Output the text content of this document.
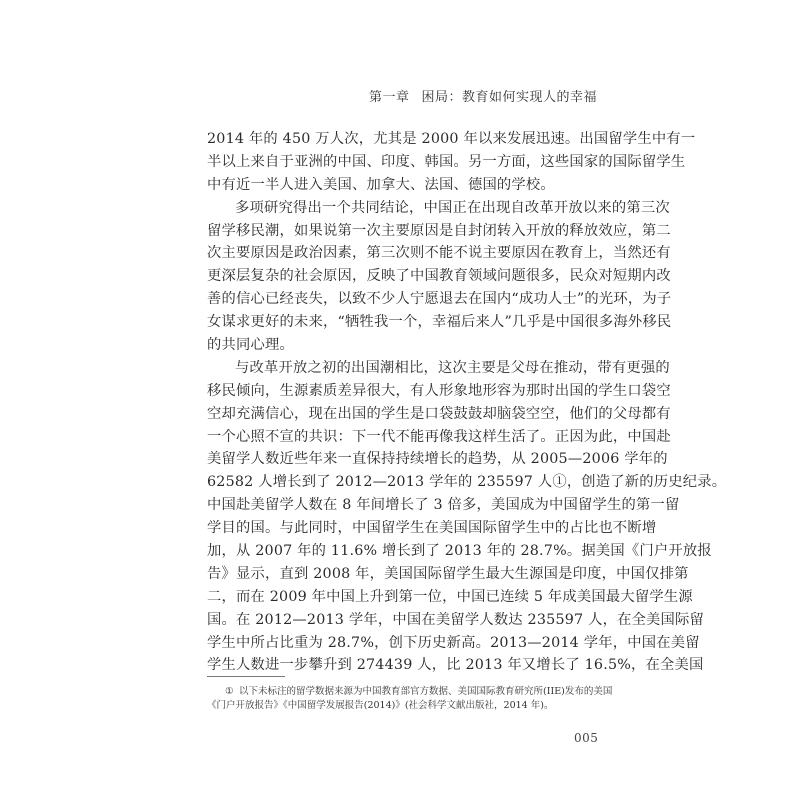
第一章 困局：教育如何实现人的幸福
2014 年的 450 万人次，尤其是 2000 年以来发展迅速。出国留学生中有一
半以上来自于亚洲的中国、印度、韩国。另一方面，这些国家的国际留学生
中有近一半人进入美国、加拿大、法国、德国的学校。
多项研究得出一个共同结论，中国正在出现自改革开放以来的第三次
留学移民潮，如果说第一次主要原因是自封闭转入开放的释放效应，第二
次主要原因是政治因素，第三次则不能不说主要原因在教育上，当然还有
更深层复杂的社会原因，反映了中国教育领域问题很多，民众对短期内改
善的信心已经丧失，以致不少人宁愿退去在国内“成功人士”的光环，为子
女谋求更好的未来，“牺牲我一个，幸福后来人”几乎是中国很多海外移民
的共同心理。
与改革开放之初的出国潮相比，这次主要是父母在推动，带有更强的
移民倾向，生源素质差异很大，有人形象地形容为那时出国的学生口袋空
空却充满信心，现在出国的学生是口袋鼓鼓却脑袋空空，他们的父母都有
一个心照不宣的共识：下一代不能再像我这样生活了。正因为此，中国赴
美留学人数近些年来一直保持持续增长的趋势，从 2005—2006 学年的
62582 人增长到了 2012—2013 学年的 235597 人①，创造了新的历史纪录。
中国赴美留学人数在 8 年间增长了 3 倍多，美国成为中国留学生的第一留
学目的国。与此同时，中国留学生在美国国际留学生中的占比也不断增
加，从 2007 年的 11.6% 增长到了 2013 年的 28.7%。据美国《门户开放报
告》显示，直到 2008 年，美国国际留学生最大生源国是印度，中国仅排第
二，而在 2009 年中国上升到第一位，中国已连续 5 年成美国最大留学生源
国。在 2012—2013 学年，中国在美留学人数达 235597 人，在全美国际留
学生中所占比重为 28.7%，创下历史新高。2013—2014 学年，中国在美留
学生人数进一步攀升到 274439 人，比 2013 年又增长了 16.5%，在全美国
① 以下未标注的留学数据来源为中国教育部官方数据、美国国际教育研究所(IIE)发布的美国
《门户开放报告》《中国留学发展报告(2014)》(社会科学文献出版社，2014 年)。
005
